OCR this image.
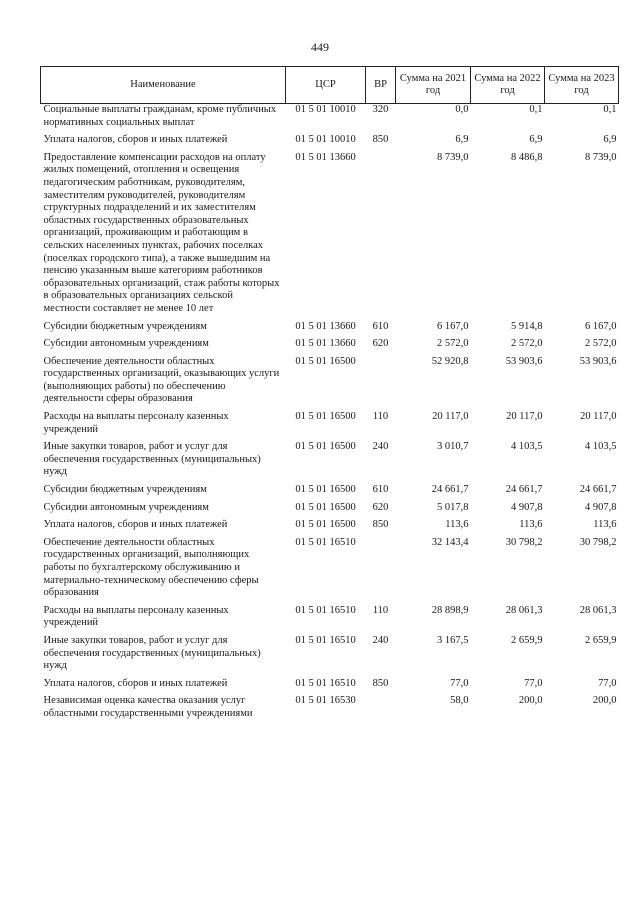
449
Наименование	ЦСР	ВР	Сумма на 2021 год	Сумма на 2022 год	Сумма на 2023 год
Социальные выплаты гражданам, кроме публичных нормативных социальных выплат	01 5 01 10010	320	0,0	0,1	0,1
Уплата налогов, сборов и иных платежей	01 5 01 10010	850	6,9	6,9	6,9
Предоставление компенсации расходов на оплату жилых помещений, отопления и освещения педагогическим работникам, руководителям, заместителям руководителей, руководителям структурных подразделений и их заместителям областных государственных образовательных организаций, проживающим и работающим в сельских населенных пунктах, рабочих поселках (поселках городского типа), а также вышедшим на пенсию указанным выше категориям работников образовательных организаций, стаж работы которых в образовательных организациях сельской местности составляет не менее 10 лет	01 5 01 13660		8 739,0	8 486,8	8 739,0
Субсидии бюджетным учреждениям	01 5 01 13660	610	6 167,0	5 914,8	6 167,0
Субсидии автономным учреждениям	01 5 01 13660	620	2 572,0	2 572,0	2 572,0
Обеспечение деятельности областных государственных организаций, оказывающих услуги (выполняющих работы) по обеспечению деятельности сферы образования	01 5 01 16500		52 920,8	53 903,6	53 903,6
Расходы на выплаты персоналу казенных учреждений	01 5 01 16500	110	20 117,0	20 117,0	20 117,0
Иные закупки товаров, работ и услуг для обеспечения государственных (муниципальных) нужд	01 5 01 16500	240	3 010,7	4 103,5	4 103,5
Субсидии бюджетным учреждениям	01 5 01 16500	610	24 661,7	24 661,7	24 661,7
Субсидии автономным учреждениям	01 5 01 16500	620	5 017,8	4 907,8	4 907,8
Уплата налогов, сборов и иных платежей	01 5 01 16500	850	113,6	113,6	113,6
Обеспечение деятельности областных государственных организаций, выполняющих работы по бухгалтерскому обслуживанию и материально-техническому обеспечению сферы образования	01 5 01 16510		32 143,4	30 798,2	30 798,2
Расходы на выплаты персоналу казенных учреждений	01 5 01 16510	110	28 898,9	28 061,3	28 061,3
Иные закупки товаров, работ и услуг для обеспечения государственных (муниципальных) нужд	01 5 01 16510	240	3 167,5	2 659,9	2 659,9
Уплата налогов, сборов и иных платежей	01 5 01 16510	850	77,0	77,0	77,0
Независимая оценка качества оказания услуг областными государственными учреждениями	01 5 01 16530		58,0	200,0	200,0
